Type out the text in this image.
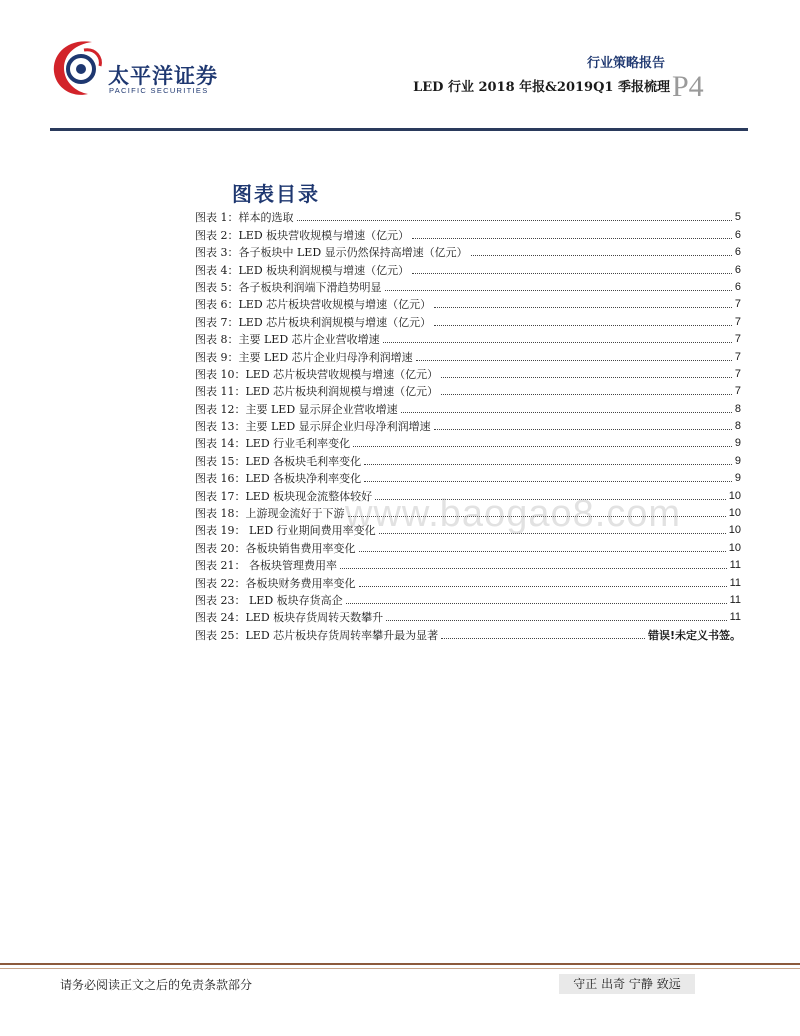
太平洋证券
PACIFIC SECURITIES
行业策略报告
LED 行业 2018 年报&2019Q1 季报梳理 P4
图表目录
图表 1：样本的选取	5
图表 2：LED 板块营收规模与增速（亿元）	6
图表 3：各子板块中 LED 显示仍然保持高增速（亿元）	6
图表 4：LED 板块利润规模与增速（亿元）	6
图表 5：各子板块利润端下滑趋势明显	6
图表 6：LED 芯片板块营收规模与增速（亿元）	7
图表 7：LED 芯片板块利润规模与增速（亿元）	7
图表 8：主要 LED 芯片企业营收增速	7
图表 9：主要 LED 芯片企业归母净利润增速	7
图表 10：LED 芯片板块营收规模与增速（亿元）	7
图表 11：LED 芯片板块利润规模与增速（亿元）	7
图表 12：主要 LED 显示屏企业营收增速	8
图表 13：主要 LED 显示屏企业归母净利润增速	8
图表 14：LED 行业毛利率变化	9
图表 15：LED 各板块毛利率变化	9
图表 16：LED 各板块净利率变化	9
图表 17：LED 板块现金流整体较好	10
图表 18：上游现金流好于下游	10
图表 19： LED 行业期间费用率变化	10
图表 20：各板块销售费用率变化	10
图表 21： 各板块管理费用率	11
图表 22：各板块财务费用率变化	11
图表 23： LED 板块存货高企	11
图表 24：LED 板块存货周转天数攀升	11
图表 25：LED 芯片板块存货周转率攀升最为显著	错误!未定义书签。
www.baogao8.com
请务必阅读正文之后的免责条款部分	守正 出奇 宁静 致远
